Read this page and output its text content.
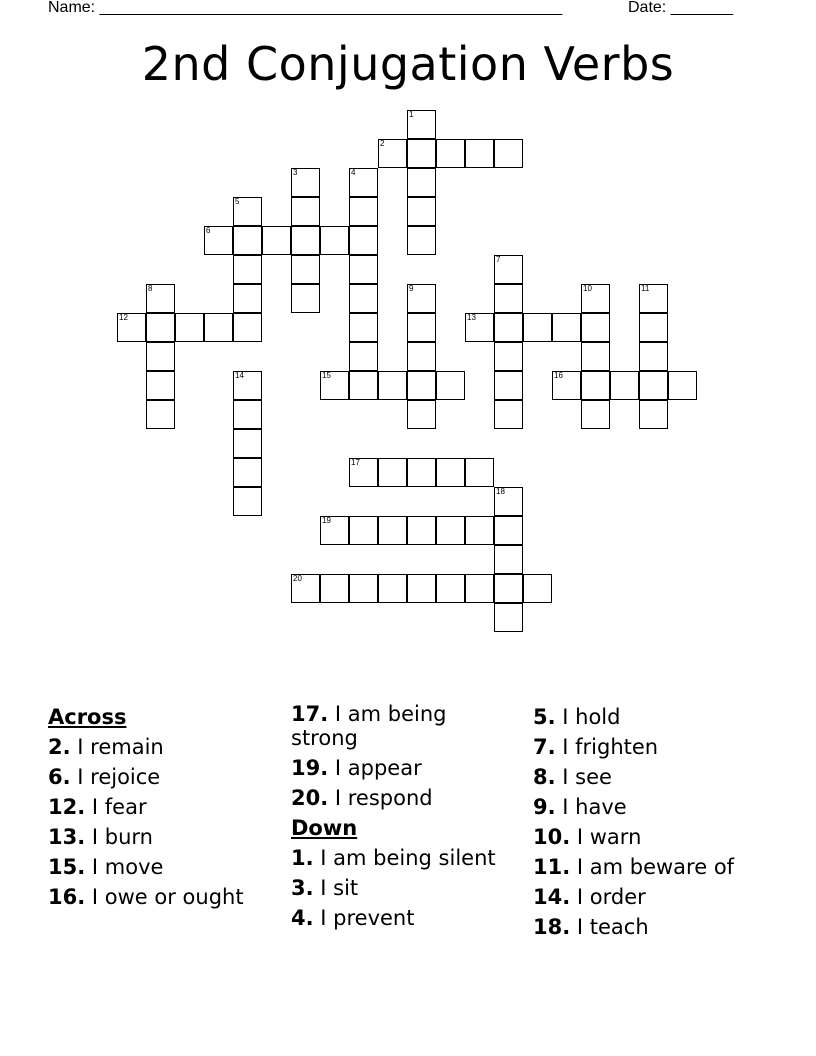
Name: ____________________________________________________	Date: _______
2nd Conjugation Verbs
1
2
3	4
5
6
7
8	9	10	11
12	13
14	15	16
17
18
19
20
Across
2. I remain
6. I rejoice
12. I fear
13. I burn
15. I move
16. I owe or ought
17. I am being strong
19. I appear
20. I respond
Down
1. I am being silent
3. I sit
4. I prevent
5. I hold
7. I frighten
8. I see
9. I have
10. I warn
11. I am beware of
14. I order
18. I teach
